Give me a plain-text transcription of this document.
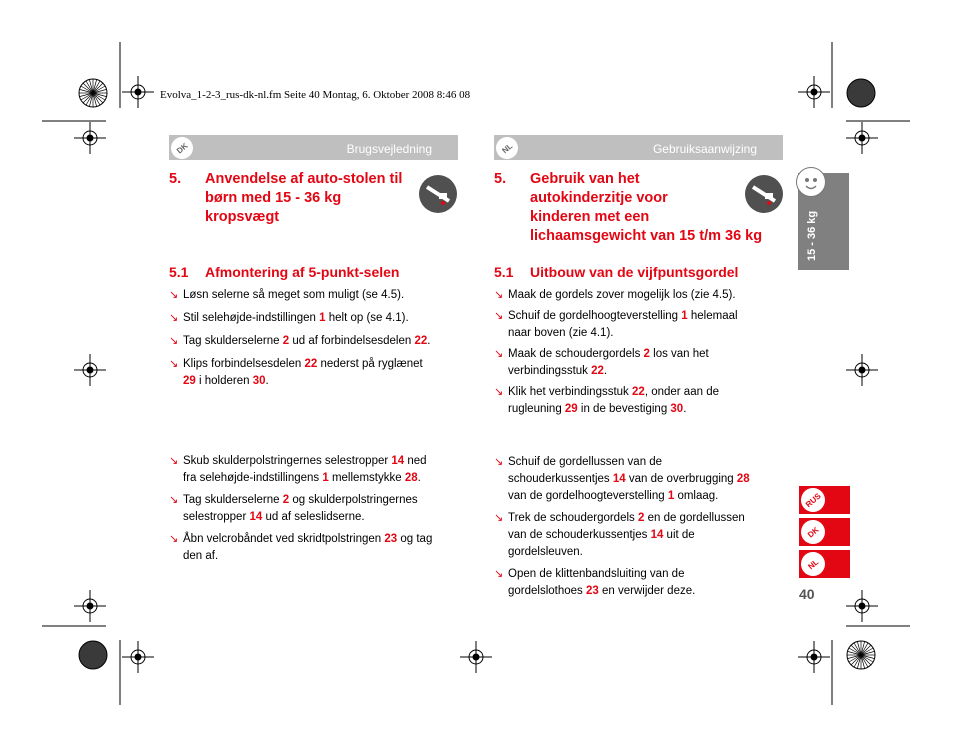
Evolva_1-2-3_rus-dk-nl.fm Seite 40 Montag, 6. Oktober 2008 8:46 08
DK	Brugsvejledning
5. Anvendelse af auto-stolen til
børn med 15 - 36 kg
kropsvægt
5.1 Afmontering af 5-punkt-selen
↘ Løsn selerne så meget som muligt (se 4.5).
↘ Stil selehøjde-indstillingen 1 helt op (se 4.1).
↘ Tag skulderselerne 2 ud af forbindelsesdelen 22.
↘ Klips forbindelsesdelen 22 nederst på ryglænet
29 i holderen 30.
↘ Skub skulderpolstringernes selestropper 14 ned
fra selehøjde-indstillingens 1 mellemstykke 28.
↘ Tag skulderselerne 2 og skulderpolstringernes
selestropper 14 ud af seleslidserne.
↘ Åbn velcrobåndet ved skridtpolstringen 23 og tag
den af.
NL	Gebruiksaanwijzing
5. Gebruik van het
autokinderzitje voor
kinderen met een
lichaamsgewicht van 15 t/m 36 kg
5.1 Uitbouw van de vijfpuntsgordel
↘ Maak de gordels zover mogelijk los (zie 4.5).
↘ Schuif de gordelhoogteverstelling 1 helemaal
naar boven (zie 4.1).
↘ Maak de schoudergordels 2 los van het
verbindingsstuk 22.
↘ Klik het verbindingsstuk 22, onder aan de
rugleuning 29 in de bevestiging 30.
↘ Schuif de gordellussen van de
schouderkussentjes 14 van de overbrugging 28
van de gordelhoogteverstelling 1 omlaag.
↘ Trek de schoudergordels 2 en de gordellussen
van de schouderkussentjes 14 uit de
gordelsleuven.
↘ Open de klittenbandsluiting van de
gordelslothoes 23 en verwijder deze.
15 - 36 kg
RUS
DK
NL
40
